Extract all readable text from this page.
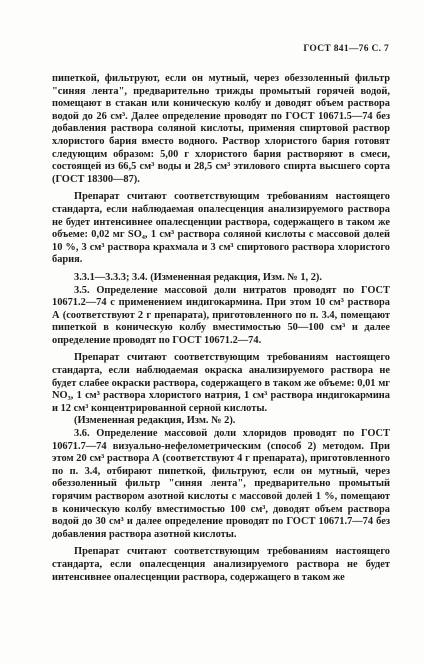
ГОСТ 841—76 С. 7

пипеткой, фильтруют, если он мутный, через обеззоленный фильтр "синяя лента", предварительно трижды промытый горячей водой, помещают в стакан или коническую колбу и доводят объем раствора водой до 26 см³. Далее определение проводят по ГОСТ 10671.5—74 без добавления раствора соляной кислоты, применяя спиртовой раствор хлористого бария вместо водного. Раствор хлористого бария готовят следующим образом: 5,00 г хлористого бария растворяют в смеси, состоящей из 66,5 см³ воды и 28,5 см³ этилового спирта высшего сорта (ГОСТ 18300—87).

Препарат считают соответствующим требованиям настоящего стандарта, если наблюдаемая опалесценция анализируемого раствора не будет интенсивнее опалесценции раствора, содержащего в таком же объеме: 0,02 мг SO₄, 1 см³ раствора соляной кислоты с массовой долей 10 %, 3 см³ раствора крахмала и 3 см³ спиртового раствора хлористого бария.

3.3.1—3.3.3; 3.4. (Измененная редакция, Изм. № 1, 2).

3.5. Определение массовой доли нитратов проводят по ГОСТ 10671.2—74 с применением индигокармина. При этом 10 см³ раствора А (соответствуют 2 г препарата), приготовленного по п. 3.4, помещают пипеткой в коническую колбу вместимостью 50—100 см³ и далее определение проводят по ГОСТ 10671.2—74.

Препарат считают соответствующим требованиям настоящего стандарта, если наблюдаемая окраска анализируемого раствора не будет слабее окраски раствора, содержащего в таком же объеме: 0,01 мг NO₃, 1 см³ раствора хлористого натрия, 1 см³ раствора индигокармина и 12 см³ концентрированной серной кислоты.

(Измененная редакция, Изм. № 2).

3.6. Определение массовой доли хлоридов проводят по ГОСТ 10671.7—74 визуально-нефелометрическим (способ 2) методом. При этом 20 см³ раствора А (соответствуют 4 г препарата), приготовленного по п. 3.4, отбирают пипеткой, фильтруют, если он мутный, через обеззоленный фильтр "синяя лента", предварительно промытый горячим раствором азотной кислоты с массовой долей 1 %, помещают в коническую колбу вместимостью 100 см³, доводят объем раствора водой до 30 см³ и далее определение проводят по ГОСТ 10671.7—74 без добавления раствора азотной кислоты.

Препарат считают соответствующим требованиям настоящего стандарта, если опалесценция анализируемого раствора не будет интенсивнее опалесценции раствора, содержащего в таком же
